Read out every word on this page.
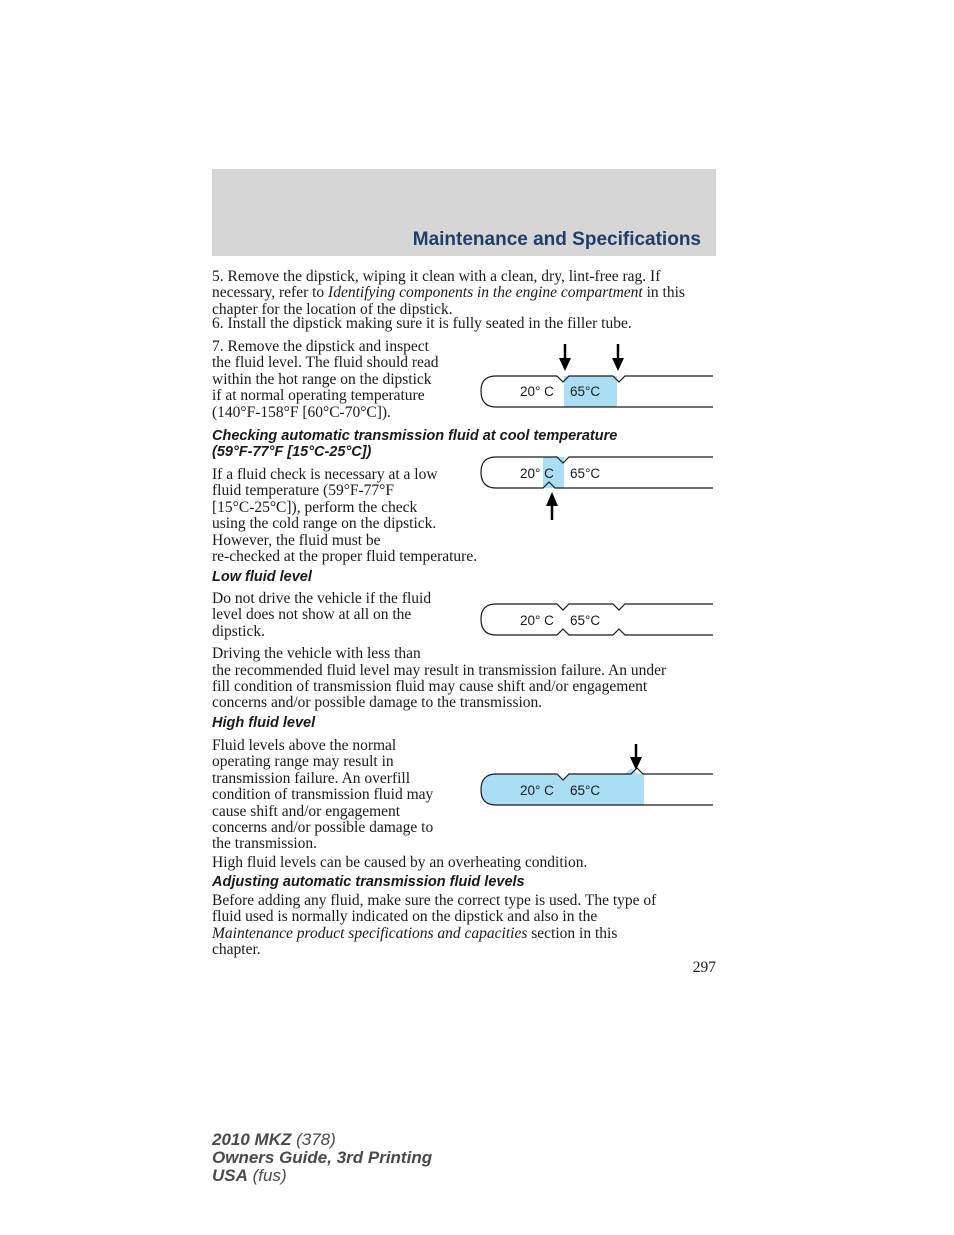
Maintenance and Specifications

5. Remove the dipstick, wiping it clean with a clean, dry, lint-free rag. If necessary, refer to Identifying components in the engine compartment in this chapter for the location of the dipstick.

6. Install the dipstick making sure it is fully seated in the filler tube.

7. Remove the dipstick and inspect
the fluid level. The fluid should read
within the hot range on the dipstick
if at normal operating temperature
(140°F-158°F [60°C-70°C]).
20° C 65°C
Checking automatic transmission fluid at cool temperature
(59°F-77°F [15°C-25°C])
If a fluid check is necessary at a low
fluid temperature (59°F-77°F
[15°C-25°C]), perform the check
using the cold range on the dipstick.
However, the fluid must be
re-checked at the proper fluid temperature.
20° C 65°C
Low fluid level
Do not drive the vehicle if the fluid
level does not show at all on the
dipstick.
Driving the vehicle with less than
the recommended fluid level may result in transmission failure. An under
fill condition of transmission fluid may cause shift and/or engagement
concerns and/or possible damage to the transmission.
20° C 65°C
High fluid level
Fluid levels above the normal
operating range may result in
transmission failure. An overfill
condition of transmission fluid may
cause shift and/or engagement
concerns and/or possible damage to
the transmission.
High fluid levels can be caused by an overheating condition.
20° C 65°C
Adjusting automatic transmission fluid levels
Before adding any fluid, make sure the correct type is used. The type of
fluid used is normally indicated on the dipstick and also in the
Maintenance product specifications and capacities section in this
chapter.
297
2010 MKZ (378)
Owners Guide, 3rd Printing
USA (fus)
